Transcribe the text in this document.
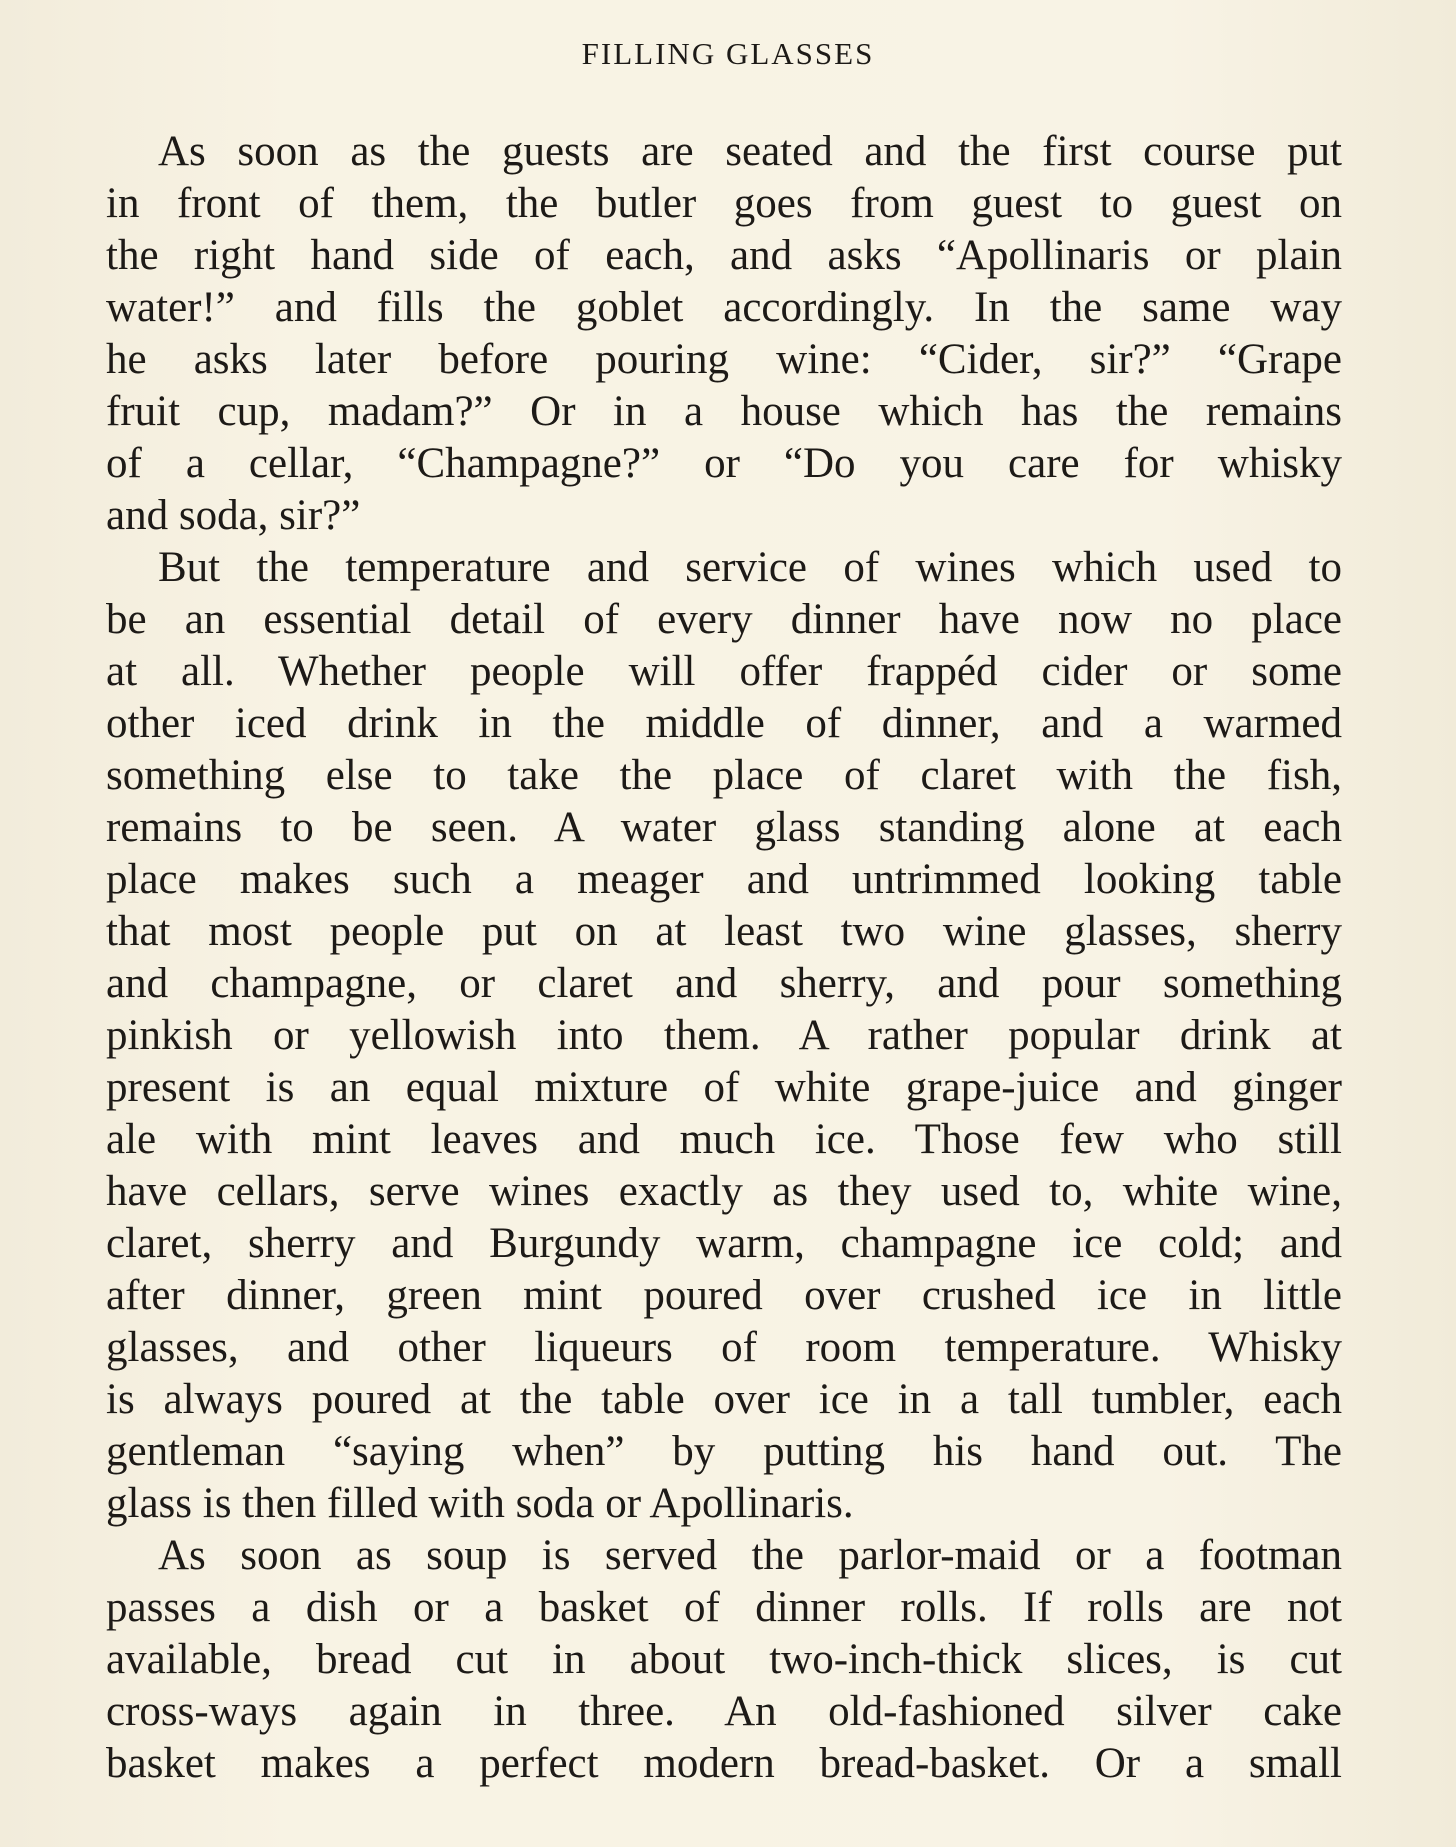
FILLING GLASSES
As soon as the guests are seated and the first course put
in front of them, the butler goes from guest to guest on
the right hand side of each, and asks “Apollinaris or plain
water!” and fills the goblet accordingly. In the same way
he asks later before pouring wine: “Cider, sir?” “Grape
fruit cup, madam?” Or in a house which has the remains
of a cellar, “Champagne?” or “Do you care for whisky
and soda, sir?”
But the temperature and service of wines which used to
be an essential detail of every dinner have now no place
at all. Whether people will offer frappéd cider or some
other iced drink in the middle of dinner, and a warmed
something else to take the place of claret with the fish,
remains to be seen. A water glass standing alone at each
place makes such a meager and untrimmed looking table
that most people put on at least two wine glasses, sherry
and champagne, or claret and sherry, and pour something
pinkish or yellowish into them. A rather popular drink at
present is an equal mixture of white grape-juice and ginger
ale with mint leaves and much ice. Those few who still
have cellars, serve wines exactly as they used to, white wine,
claret, sherry and Burgundy warm, champagne ice cold; and
after dinner, green mint poured over crushed ice in little
glasses, and other liqueurs of room temperature. Whisky
is always poured at the table over ice in a tall tumbler, each
gentleman “saying when” by putting his hand out. The
glass is then filled with soda or Apollinaris.
As soon as soup is served the parlor-maid or a footman
passes a dish or a basket of dinner rolls. If rolls are not
available, bread cut in about two-inch-thick slices, is cut
cross-ways again in three. An old-fashioned silver cake
basket makes a perfect modern bread-basket. Or a small
